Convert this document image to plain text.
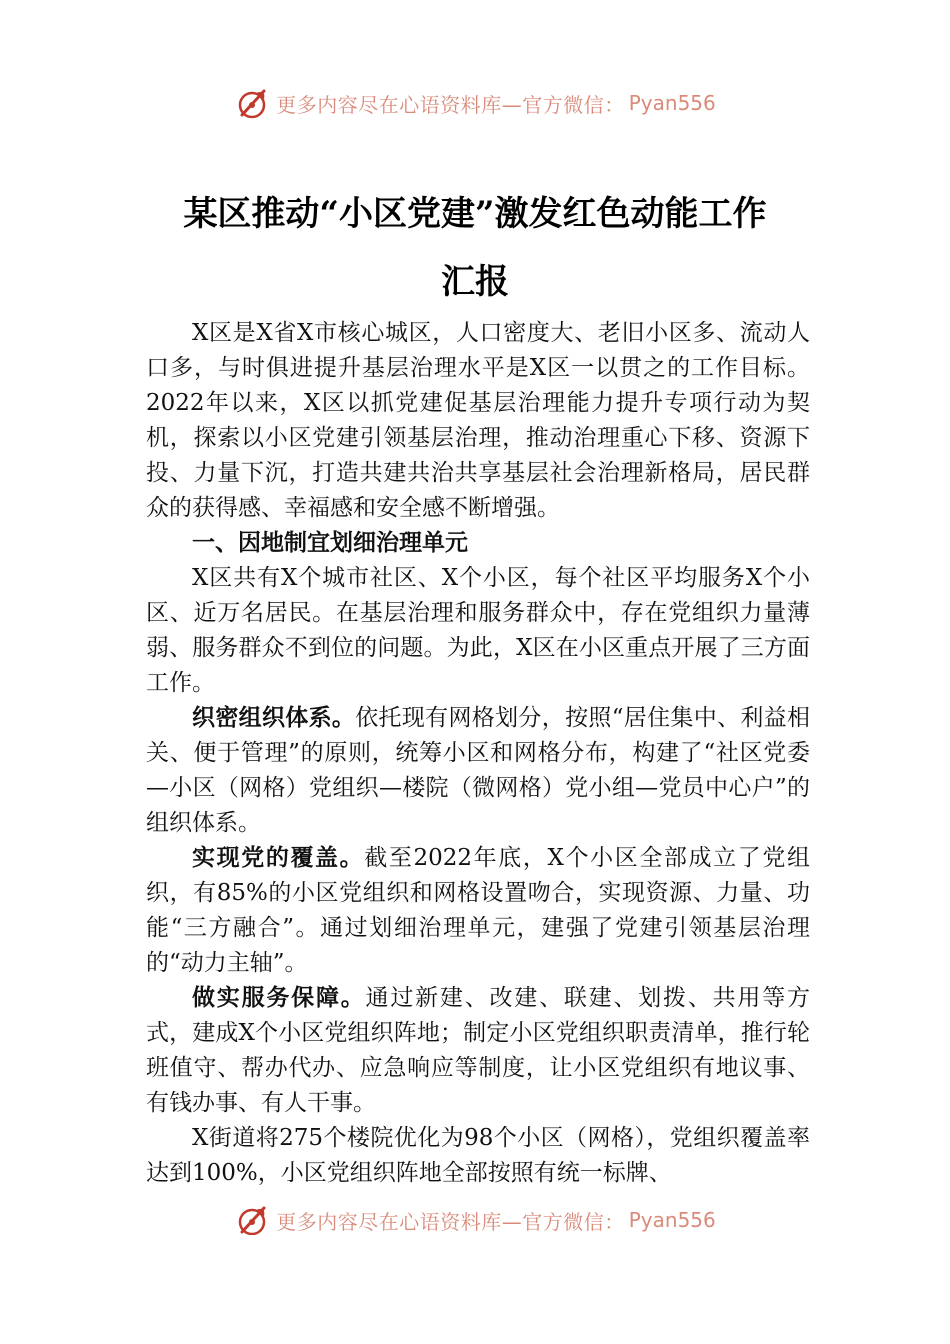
更多内容尽在心语资料库—官方微信： Pyan556
某区推动“小区党建”激发红色动能工作
汇报

X区是X省X市核心城区，人口密度大、老旧小区多、流动人口多，与时俱进提升基层治理水平是X区一以贯之的工作目标。2022年以来，X区以抓党建促基层治理能力提升专项行动为契机，探索以小区党建引领基层治理，推动治理重心下移、资源下投、力量下沉，打造共建共治共享基层社会治理新格局，居民群众的获得感、幸福感和安全感不断增强。

一、因地制宜划细治理单元

X区共有X个城市社区、X个小区，每个社区平均服务X个小区、近万名居民。在基层治理和服务群众中，存在党组织力量薄弱、服务群众不到位的问题。为此，X区在小区重点开展了三方面工作。

织密组织体系。依托现有网格划分，按照“居住集中、利益相关、便于管理”的原则，统筹小区和网格分布，构建了“社区党委—小区（网格）党组织—楼院（微网格）党小组—党员中心户”的组织体系。

实现党的覆盖。截至2022年底，X个小区全部成立了党组织，有85%的小区党组织和网格设置吻合，实现资源、力量、功能“三方融合”。通过划细治理单元，建强了党建引领基层治理的“动力主轴”。

做实服务保障。通过新建、改建、联建、划拨、共用等方式，建成X个小区党组织阵地；制定小区党组织职责清单，推行轮班值守、帮办代办、应急响应等制度，让小区党组织有地议事、有钱办事、有人干事。

X街道将275个楼院优化为98个小区（网格），党组织覆盖率达到100%，小区党组织阵地全部按照有统一标牌、

更多内容尽在心语资料库—官方微信： Pyan556
